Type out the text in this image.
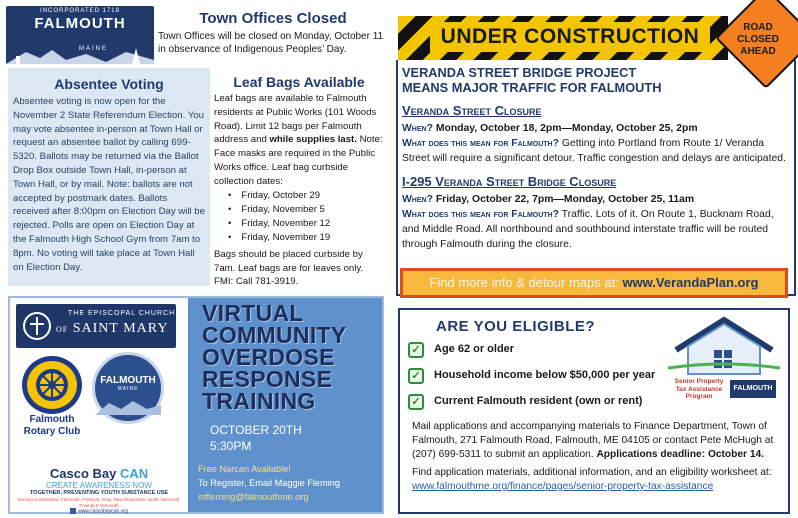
INCORPORATED 1718
FALMOUTH
MAINE
Town Offices Closed

Town Offices will be closed on Monday, October 11 in observance of Indigenous Peoples’ Day.

Absentee Voting

Absentee voting is now open for the November 2 State Referendum Election. You may vote absentee in-person at Town Hall or request an absentee ballot by calling 699-5320. Ballots may be returned via the Ballot Drop Box outside Town Hall, in-person at Town Hall, or by mail. Note: ballots are not accepted by postmark dates. Ballots received after 8:00pm on Election Day will be rejected. Polls are open on Election Day at the Falmouth High School Gym from 7am to 8pm. No voting will take place at Town Hall on Election Day.

Leaf Bags Available

Leaf bags are available to Falmouth residents at Public Works (101 Woods Road). Limit 12 bags per Falmouth address and while supplies last. Note: Face masks are required in the Public Works office. Leaf bag curbside collection dates:

• Friday, October 29
• Friday, November 5
• Friday, November 12
• Friday, November 19

Bags should be placed curbside by 7am. Leaf bags are for leaves only. FMI: Call 781-3919.

THE EPISCOPAL CHURCH
OF SAINT MARY
Falmouth Rotary Club
FALMOUTH
MAINE
Casco Bay CAN
CREATE AWARENESS NOW
TOGETHER, PREVENTING YOUTH SUBSTANCE USE
Serving Cumberland, Falmouth, Freeport, Gray, New Gloucester, North Yarmouth, Pownal & Yarmouth
www.cascobaycan.org
VIRTUAL
COMMUNITY
OVERDOSE
RESPONSE
TRAINING
OCTOBER 20TH
5:30PM
Free Narcan Available!
To Register, Email Maggie Fleming
mfleming@falmouthme.org
UNDER CONSTRUCTION	ROAD
CLOSED
AHEAD
VERANDA STREET BRIDGE PROJECT
MEANS MAJOR TRAFFIC FOR FALMOUTH
Veranda Street Closure
When? Monday, October 18, 2pm—Monday, October 25, 2pm
What does this mean for Falmouth? Getting into Portland from Route 1/ Veranda Street will require a significant detour. Traffic congestion and delays are anticipated.
I-295 Veranda Street Bridge Closure
When? Friday, October 22, 7pm—Monday, October 25, 11am
What does this mean for Falmouth? Traffic. Lots of it. On Route 1, Bucknam Road, and Middle Road. All northbound and southbound interstate traffic will be routed through Falmouth during the closure.
Find more info & detour maps at: www.VerandaPlan.org
ARE YOU ELIGIBLE?
✓	Age 62 or older
✓	Household income below $50,000 per year
✓	Current Falmouth resident (own or rent)

Mail applications and accompanying materials to Finance Department, Town of Falmouth, 271 Falmouth Road, Falmouth, ME 04105 or contact Pete McHugh at (207) 699-5311 to submit an application. Applications deadline: October 14.

Find application materials, additional information, and an eligibility worksheet at: www.falmouthme.org/finance/pages/senior-property-tax-assistance

Senior Property
Tax Assistance
Program
FALMOUTH
